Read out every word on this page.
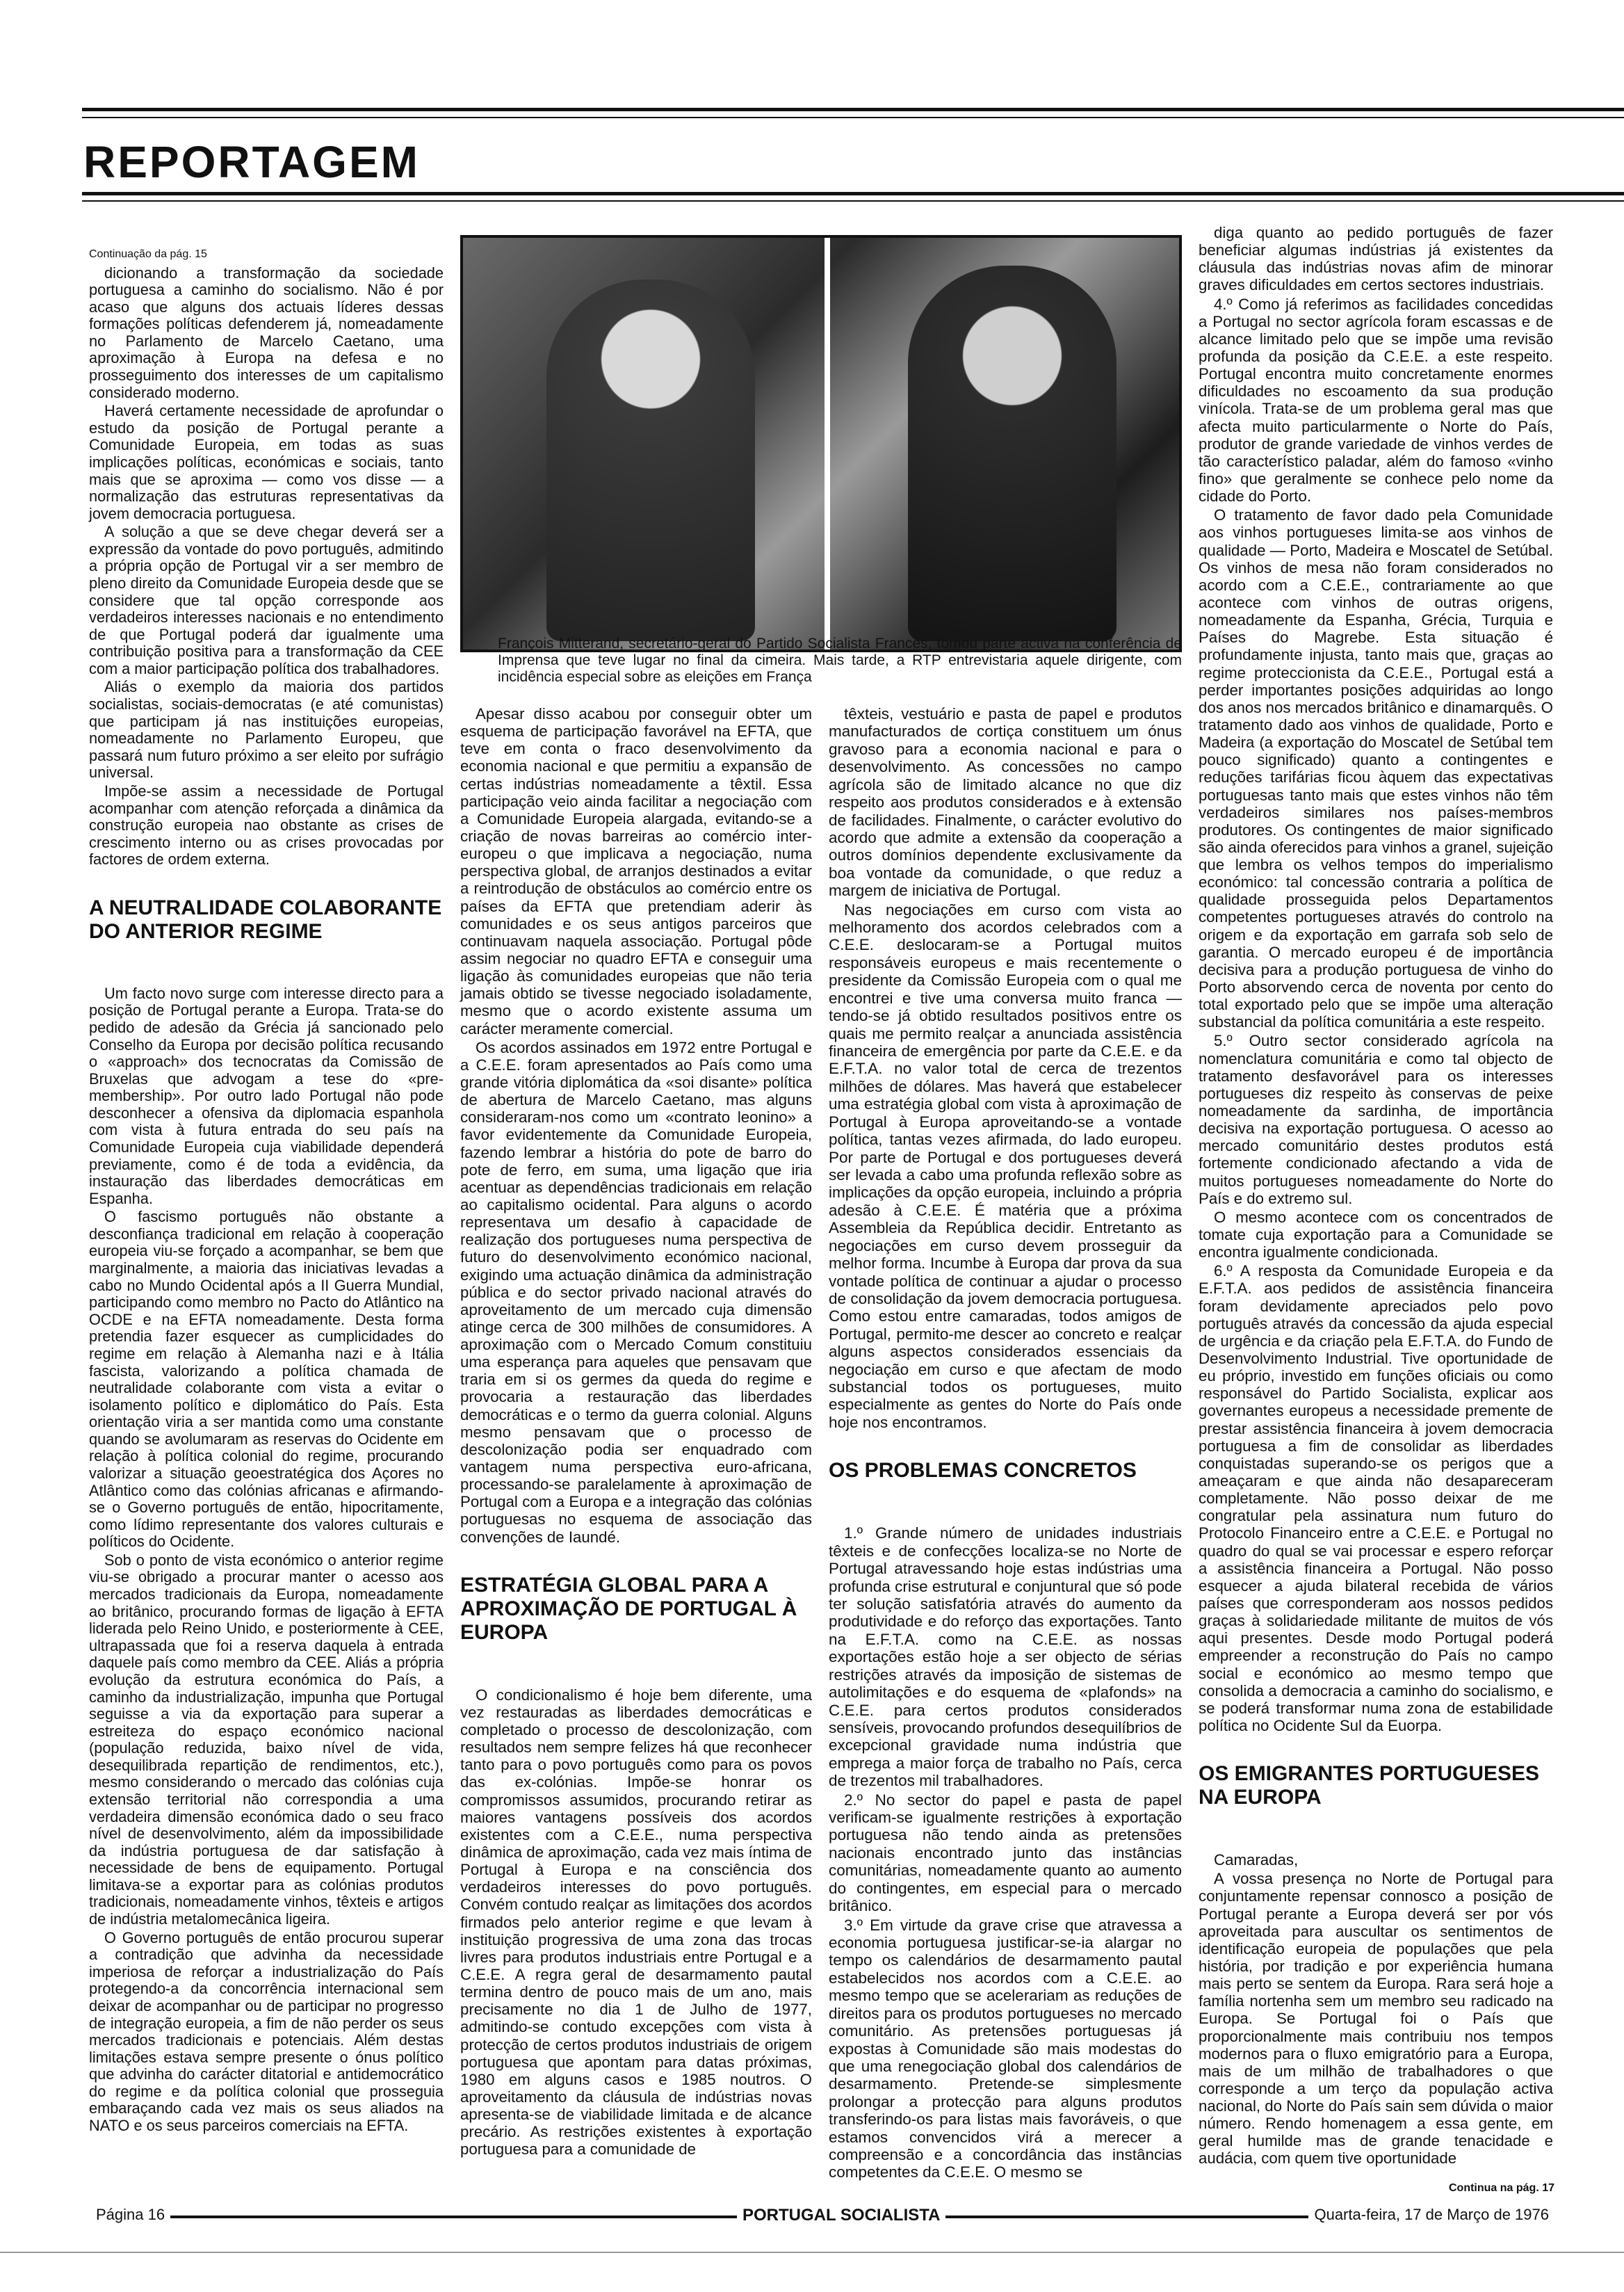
REPORTAGEM

Continuação da pág. 15

dicionando a transformação da sociedade portuguesa a caminho do socialismo. Não é por acaso que alguns dos actuais líderes dessas formações políticas defenderem já, nomeadamente no Parlamento de Marcelo Caetano, uma aproximação à Europa na defesa e no prosseguimento dos interesses de um capitalismo considerado moderno.

Haverá certamente necessidade de aprofundar o estudo da posição de Portugal perante a Comunidade Europeia, em todas as suas implicações políticas, económicas e sociais, tanto mais que se aproxima — como vos disse — a normalização das estruturas representativas da jovem democracia portuguesa.

A solução a que se deve chegar deverá ser a expressão da vontade do povo português, admitindo a própria opção de Portugal vir a ser membro de pleno direito da Comunidade Europeia desde que se considere que tal opção corresponde aos verdadeiros interesses nacionais e no entendimento de que Portugal poderá dar igualmente uma contribuição positiva para a transformação da CEE com a maior participação política dos trabalhadores.

Aliás o exemplo da maioria dos partidos socialistas, sociais-democratas (e até comunistas) que participam já nas instituições europeias, nomeadamente no Parlamento Europeu, que passará num futuro próximo a ser eleito por sufrágio universal.

Impõe-se assim a necessidade de Portugal acompanhar com atenção reforçada a dinâmica da construção europeia nao obstante as crises de crescimento interno ou as crises provocadas por factores de ordem externa.

A NEUTRALIDADE COLABORANTE DO ANTERIOR REGIME

Um facto novo surge com interesse directo para a posição de Portugal perante a Europa. Trata-se do pedido de adesão da Grécia já sancionado pelo Conselho da Europa por decisão política recusando o «approach» dos tecnocratas da Comissão de Bruxelas que advogam a tese do «pre-membership». Por outro lado Portugal não pode desconhecer a ofensiva da diplomacia espanhola com vista à futura entrada do seu país na Comunidade Europeia cuja viabilidade dependerá previamente, como é de toda a evidência, da instauração das liberdades democráticas em Espanha.

O fascismo português não obstante a desconfiança tradicional em relação à cooperação europeia viu-se forçado a acompanhar, se bem que marginalmente, a maioria das iniciativas levadas a cabo no Mundo Ocidental após a II Guerra Mundial, participando como membro no Pacto do Atlântico na OCDE e na EFTA nomeadamente. Desta forma pretendia fazer esquecer as cumplicidades do regime em relação à Alemanha nazi e à Itália fascista, valorizando a política chamada de neutralidade colaborante com vista a evitar o isolamento político e diplomático do País. Esta orientação viria a ser mantida como uma constante quando se avolumaram as reservas do Ocidente em relação à política colonial do regime, procurando valorizar a situação geoestratégica dos Açores no Atlântico como das colónias africanas e afirmando-se o Governo português de então, hipocritamente, como lídimo representante dos valores culturais e políticos do Ocidente.

Sob o ponto de vista económico o anterior regime viu-se obrigado a procurar manter o acesso aos mercados tradicionais da Europa, nomeadamente ao britânico, procurando formas de ligação à EFTA liderada pelo Reino Unido, e posteriormente à CEE, ultrapassada que foi a reserva daquela à entrada daquele país como membro da CEE. Aliás a própria evolução da estrutura económica do País, a caminho da industrialização, impunha que Portugal seguisse a via da exportação para superar a estreiteza do espaço económico nacional (população reduzida, baixo nível de vida, desequilibrada repartição de rendimentos, etc.), mesmo considerando o mercado das colónias cuja extensão territorial não correspondia a uma verdadeira dimensão económica dado o seu fraco nível de desenvolvimento, além da impossibilidade da indústria portuguesa de dar satisfação à necessidade de bens de equipamento. Portugal limitava-se a exportar para as colónias produtos tradicionais, nomeadamente vinhos, têxteis e artigos de indústria metalomecânica ligeira.

O Governo português de então procurou superar a contradição que advinha da necessidade imperiosa de reforçar a industrialização do País protegendo-a da concorrência internacional sem deixar de acompanhar ou de participar no progresso de integração europeia, a fim de não perder os seus mercados tradicionais e potenciais. Além destas limitações estava sempre presente o ónus político que advinha do carácter ditatorial e antidemocrático do regime e da política colonial que prosseguia embaraçando cada vez mais os seus aliados na NATO e os seus parceiros comerciais na EFTA.

François Mitterand, secretário-geral do Partido Socialista Francês, tomou parte activa na conferência de Imprensa que teve lugar no final da cimeira. Mais tarde, a RTP entrevistaria aquele dirigente, com incidência especial sobre as eleições em França

Apesar disso acabou por conseguir obter um esquema de participação favorável na EFTA, que teve em conta o fraco desenvolvimento da economia nacional e que permitiu a expansão de certas indústrias nomeadamente a têxtil. Essa participação veio ainda facilitar a negociação com a Comunidade Europeia alargada, evitando-se a criação de novas barreiras ao comércio inter-europeu o que implicava a negociação, numa perspectiva global, de arranjos destinados a evitar a reintrodução de obstáculos ao comércio entre os países da EFTA que pretendiam aderir às comunidades e os seus antigos parceiros que continuavam naquela associação. Portugal pôde assim negociar no quadro EFTA e conseguir uma ligação às comunidades europeias que não teria jamais obtido se tivesse negociado isoladamente, mesmo que o acordo existente assuma um carácter meramente comercial.

Os acordos assinados em 1972 entre Portugal e a C.E.E. foram apresentados ao País como uma grande vitória diplomática da «soi disante» política de abertura de Marcelo Caetano, mas alguns consideraram-nos como um «contrato leonino» a favor evidentemente da Comunidade Europeia, fazendo lembrar a história do pote de barro do pote de ferro, em suma, uma ligação que iria acentuar as dependências tradicionais em relação ao capitalismo ocidental. Para alguns o acordo representava um desafio à capacidade de realização dos portugueses numa perspectiva de futuro do desenvolvimento económico nacional, exigindo uma actuação dinâmica da administração pública e do sector privado nacional através do aproveitamento de um mercado cuja dimensão atinge cerca de 300 milhões de consumidores. A aproximação com o Mercado Comum constituiu uma esperança para aqueles que pensavam que traria em si os germes da queda do regime e provocaria a restauração das liberdades democráticas e o termo da guerra colonial. Alguns mesmo pensavam que o processo de descolonização podia ser enquadrado com vantagem numa perspectiva euro-africana, processando-se paralelamente à aproximação de Portugal com a Europa e a integração das colónias portuguesas no esquema de associação das convenções de Iaundé.

ESTRATÉGIA GLOBAL PARA A APROXIMAÇÃO DE PORTUGAL À EUROPA

O condicionalismo é hoje bem diferente, uma vez restauradas as liberdades democráticas e completado o processo de descolonização, com resultados nem sempre felizes há que reconhecer tanto para o povo português como para os povos das ex-colónias. Impõe-se honrar os compromissos assumidos, procurando retirar as maiores vantagens possíveis dos acordos existentes com a C.E.E., numa perspectiva dinâmica de aproximação, cada vez mais íntima de Portugal à Europa e na consciência dos verdadeiros interesses do povo português. Convém contudo realçar as limitações dos acordos firmados pelo anterior regime e que levam à instituição progressiva de uma zona das trocas livres para produtos industriais entre Portugal e a C.E.E. A regra geral de desarmamento pautal termina dentro de pouco mais de um ano, mais precisamente no dia 1 de Julho de 1977, admitindo-se contudo excepções com vista à protecção de certos produtos industriais de origem portuguesa que apontam para datas próximas, 1980 em alguns casos e 1985 noutros. O aproveitamento da cláusula de indústrias novas apresenta-se de viabilidade limitada e de alcance precário. As restrições existentes à exportação portuguesa para a comunidade de

têxteis, vestuário e pasta de papel e produtos manufacturados de cortiça constituem um ónus gravoso para a economia nacional e para o desenvolvimento. As concessões no campo agrícola são de limitado alcance no que diz respeito aos produtos considerados e à extensão de facilidades. Finalmente, o carácter evolutivo do acordo que admite a extensão da cooperação a outros domínios dependente exclusivamente da boa vontade da comunidade, o que reduz a margem de iniciativa de Portugal.

Nas negociações em curso com vista ao melhoramento dos acordos celebrados com a C.E.E. deslocaram-se a Portugal muitos responsáveis europeus e mais recentemente o presidente da Comissão Europeia com o qual me encontrei e tive uma conversa muito franca — tendo-se já obtido resultados positivos entre os quais me permito realçar a anunciada assistência financeira de emergência por parte da C.E.E. e da E.F.T.A. no valor total de cerca de trezentos milhões de dólares. Mas haverá que estabelecer uma estratégia global com vista à aproximação de Portugal à Europa aproveitando-se a vontade política, tantas vezes afirmada, do lado europeu. Por parte de Portugal e dos portugueses deverá ser levada a cabo uma profunda reflexão sobre as implicações da opção europeia, incluindo a própria adesão à C.E.E. É matéria que a próxima Assembleia da República decidir. Entretanto as negociações em curso devem prosseguir da melhor forma. Incumbe à Europa dar prova da sua vontade política de continuar a ajudar o processo de consolidação da jovem democracia portuguesa. Como estou entre camaradas, todos amigos de Portugal, permito-me descer ao concreto e realçar alguns aspectos considerados essenciais da negociação em curso e que afectam de modo substancial todos os portugueses, muito especialmente as gentes do Norte do País onde hoje nos encontramos.

OS PROBLEMAS CONCRETOS

1.º Grande número de unidades industriais têxteis e de confecções localiza-se no Norte de Portugal atravessando hoje estas indústrias uma profunda crise estrutural e conjuntural que só pode ter solução satisfatória através do aumento da produtividade e do reforço das exportações. Tanto na E.F.T.A. como na C.E.E. as nossas exportações estão hoje a ser objecto de sérias restrições através da imposição de sistemas de autolimitações e do esquema de «plafonds» na C.E.E. para certos produtos considerados sensíveis, provocando profundos desequilíbrios de excepcional gravidade numa indústria que emprega a maior força de trabalho no País, cerca de trezentos mil trabalhadores.

2.º No sector do papel e pasta de papel verificam-se igualmente restrições à exportação portuguesa não tendo ainda as pretensões nacionais encontrado junto das instâncias comunitárias, nomeadamente quanto ao aumento do contingentes, em especial para o mercado britânico.

3.º Em virtude da grave crise que atravessa a economia portuguesa justificar-se-ia alargar no tempo os calendários de desarmamento pautal estabelecidos nos acordos com a C.E.E. ao mesmo tempo que se acelerariam as reduções de direitos para os produtos portugueses no mercado comunitário. As pretensões portuguesas já expostas à Comunidade são mais modestas do que uma renegociação global dos calendários de desarmamento. Pretende-se simplesmente prolongar a protecção para alguns produtos transferindo-os para listas mais favoráveis, o que estamos convencidos virá a merecer a compreensão e a concordância das instâncias competentes da C.E.E. O mesmo se

diga quanto ao pedido português de fazer beneficiar algumas indústrias já existentes da cláusula das indústrias novas afim de minorar graves dificuldades em certos sectores industriais.

4.º Como já referimos as facilidades concedidas a Portugal no sector agrícola foram escassas e de alcance limitado pelo que se impõe uma revisão profunda da posição da C.E.E. a este respeito. Portugal encontra muito concretamente enormes dificuldades no escoamento da sua produção vinícola. Trata-se de um problema geral mas que afecta muito particularmente o Norte do País, produtor de grande variedade de vinhos verdes de tão característico paladar, além do famoso «vinho fino» que geralmente se conhece pelo nome da cidade do Porto.

O tratamento de favor dado pela Comunidade aos vinhos portugueses limita-se aos vinhos de qualidade — Porto, Madeira e Moscatel de Setúbal. Os vinhos de mesa não foram considerados no acordo com a C.E.E., contrariamente ao que acontece com vinhos de outras origens, nomeadamente da Espanha, Grécia, Turquia e Países do Magrebe. Esta situação é profundamente injusta, tanto mais que, graças ao regime proteccionista da C.E.E., Portugal está a perder importantes posições adquiridas ao longo dos anos nos mercados britânico e dinamarquês. O tratamento dado aos vinhos de qualidade, Porto e Madeira (a exportação do Moscatel de Setúbal tem pouco significado) quanto a contingentes e reduções tarifárias ficou àquem das expectativas portuguesas tanto mais que estes vinhos não têm verdadeiros similares nos países-membros produtores. Os contingentes de maior significado são ainda oferecidos para vinhos a granel, sujeição que lembra os velhos tempos do imperialismo económico: tal concessão contraria a política de qualidade prosseguida pelos Departamentos competentes portugueses através do controlo na origem e da exportação em garrafa sob selo de garantia. O mercado europeu é de importância decisiva para a produção portuguesa de vinho do Porto absorvendo cerca de noventa por cento do total exportado pelo que se impõe uma alteração substancial da política comunitária a este respeito.

5.º Outro sector considerado agrícola na nomenclatura comunitária e como tal objecto de tratamento desfavorável para os interesses portugueses diz respeito às conservas de peixe nomeadamente da sardinha, de importância decisiva na exportação portuguesa. O acesso ao mercado comunitário destes produtos está fortemente condicionado afectando a vida de muitos portugueses nomeadamente do Norte do País e do extremo sul.

O mesmo acontece com os concentrados de tomate cuja exportação para a Comunidade se encontra igualmente condicionada.

6.º A resposta da Comunidade Europeia e da E.F.T.A. aos pedidos de assistência financeira foram devidamente apreciados pelo povo português através da concessão da ajuda especial de urgência e da criação pela E.F.T.A. do Fundo de Desenvolvimento Industrial. Tive oportunidade de eu próprio, investido em funções oficiais ou como responsável do Partido Socialista, explicar aos governantes europeus a necessidade premente de prestar assistência financeira à jovem democracia portuguesa a fim de consolidar as liberdades conquistadas superando-se os perigos que a ameaçaram e que ainda não desapareceram completamente. Não posso deixar de me congratular pela assinatura num futuro do Protocolo Financeiro entre a C.E.E. e Portugal no quadro do qual se vai processar e espero reforçar a assistência financeira a Portugal. Não posso esquecer a ajuda bilateral recebida de vários países que corresponderam aos nossos pedidos graças à solidariedade militante de muitos de vós aqui presentes. Desde modo Portugal poderá empreender a reconstrução do País no campo social e económico ao mesmo tempo que consolida a democracia a caminho do socialismo, e se poderá transformar numa zona de estabilidade política no Ocidente Sul da Euorpa.

OS EMIGRANTES PORTUGUESES NA EUROPA

Camaradas,

A vossa presença no Norte de Portugal para conjuntamente repensar connosco a posição de Portugal perante a Europa deverá ser por vós aproveitada para auscultar os sentimentos de identificação europeia de populações que pela história, por tradição e por experiência humana mais perto se sentem da Europa. Rara será hoje a família nortenha sem um membro seu radicado na Europa. Se Portugal foi o País que proporcionalmente mais contribuiu nos tempos modernos para o fluxo emigratório para a Europa, mais de um milhão de trabalhadores o que corresponde a um terço da população activa nacional, do Norte do País sain sem dúvida o maior número. Rendo homenagem a essa gente, em geral humilde mas de grande tenacidade e audácia, com quem tive oportunidade

Continua na pág. 17
Página 16	PORTUGAL SOCIALISTA	Quarta-feira, 17 de Março de 1976
